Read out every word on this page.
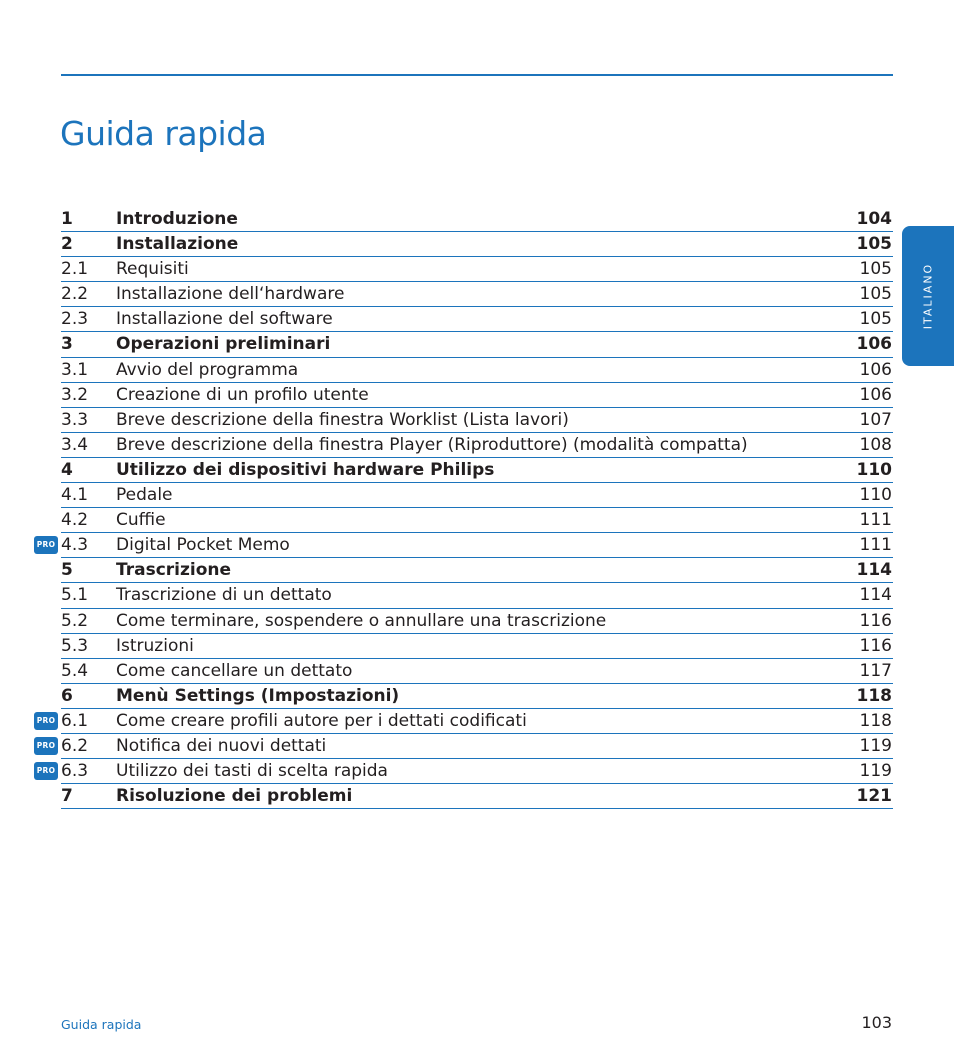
Guida rapida
ITALIANO
1	Introduzione	104
2	Installazione	105
2.1 Requisiti	105
2.2 Installazione dell‘hardware	105
2.3 Installazione del software	105
3	Operazioni preliminari	106
3.1 Avvio del programma	106
3.2 Creazione di un profilo utente	106
3.3 Breve descrizione della finestra Worklist (Lista lavori)	107
3.4 Breve descrizione della finestra Player (Riproduttore) (modalità compatta)	108
4	Utilizzo dei dispositivi hardware Philips	110
4.1 Pedale	110
4.2 Cuffie	111
PRO 4.3 Digital Pocket Memo	111
5	Trascrizione	114
5.1 Trascrizione di un dettato	114
5.2 Come terminare, sospendere o annullare una trascrizione	116
5.3 Istruzioni	116
5.4 Come cancellare un dettato	117
6	Menù Settings (Impostazioni)	118
PRO 6.1 Come creare profili autore per i dettati codificati	118
PRO 6.2 Notifica dei nuovi dettati	119
PRO 6.3 Utilizzo dei tasti di scelta rapida	119
7	Risoluzione dei problemi	121
Guida rapida	103
